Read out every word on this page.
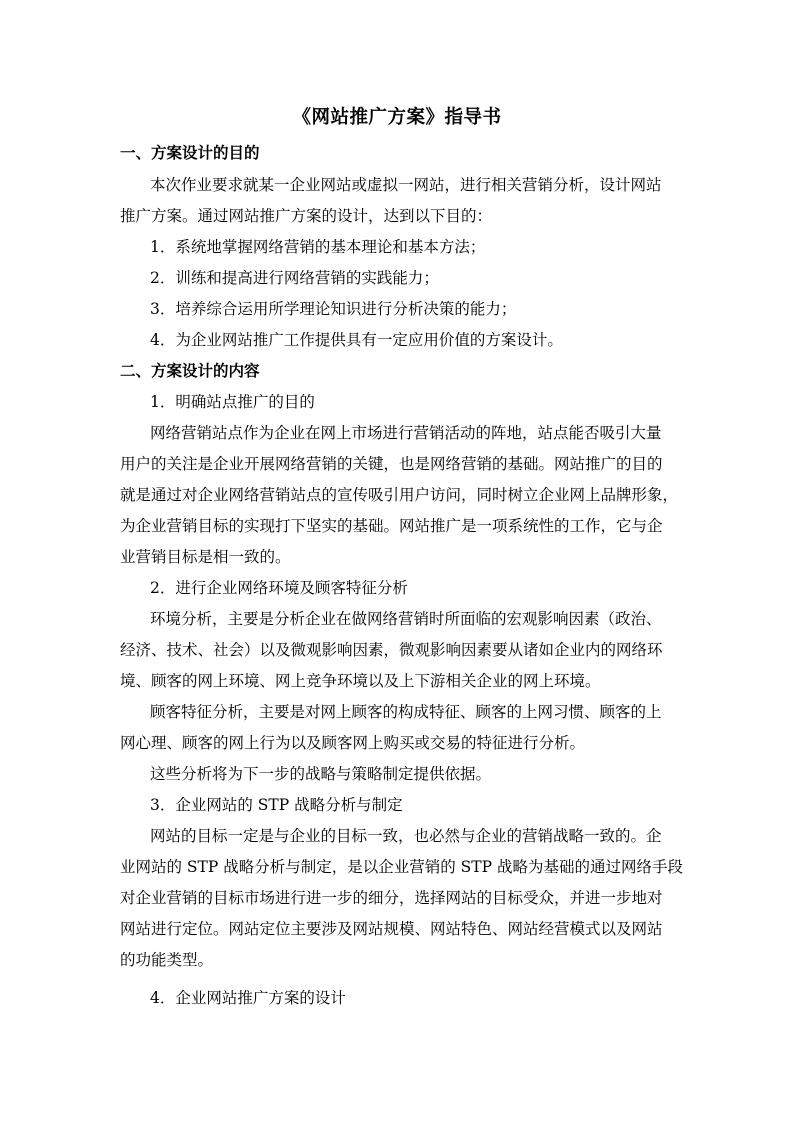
《网站推广方案》指导书
一、方案设计的目的
本次作业要求就某一企业网站或虚拟一网站，进行相关营销分析，设计网站
推广方案。通过网站推广方案的设计，达到以下目的：
1．系统地掌握网络营销的基本理论和基本方法；
2．训练和提高进行网络营销的实践能力；
3．培养综合运用所学理论知识进行分析决策的能力；
4．为企业网站推广工作提供具有一定应用价值的方案设计。
二、方案设计的内容
1．明确站点推广的目的
网络营销站点作为企业在网上市场进行营销活动的阵地，站点能否吸引大量
用户的关注是企业开展网络营销的关键，也是网络营销的基础。网站推广的目的
就是通过对企业网络营销站点的宣传吸引用户访问，同时树立企业网上品牌形象，
为企业营销目标的实现打下坚实的基础。网站推广是一项系统性的工作，它与企
业营销目标是相一致的。
2．进行企业网络环境及顾客特征分析
环境分析，主要是分析企业在做网络营销时所面临的宏观影响因素（政治、
经济、技术、社会）以及微观影响因素，微观影响因素要从诸如企业内的网络环
境、顾客的网上环境、网上竞争环境以及上下游相关企业的网上环境。
顾客特征分析，主要是对网上顾客的构成特征、顾客的上网习惯、顾客的上
网心理、顾客的网上行为以及顾客网上购买或交易的特征进行分析。
这些分析将为下一步的战略与策略制定提供依据。
3．企业网站的 STP 战略分析与制定
网站的目标一定是与企业的目标一致，也必然与企业的营销战略一致的。企
业网站的 STP 战略分析与制定，是以企业营销的 STP 战略为基础的通过网络手段
对企业营销的目标市场进行进一步的细分，选择网站的目标受众，并进一步地对
网站进行定位。网站定位主要涉及网站规模、网站特色、网站经营模式以及网站
的功能类型。
4．企业网站推广方案的设计
